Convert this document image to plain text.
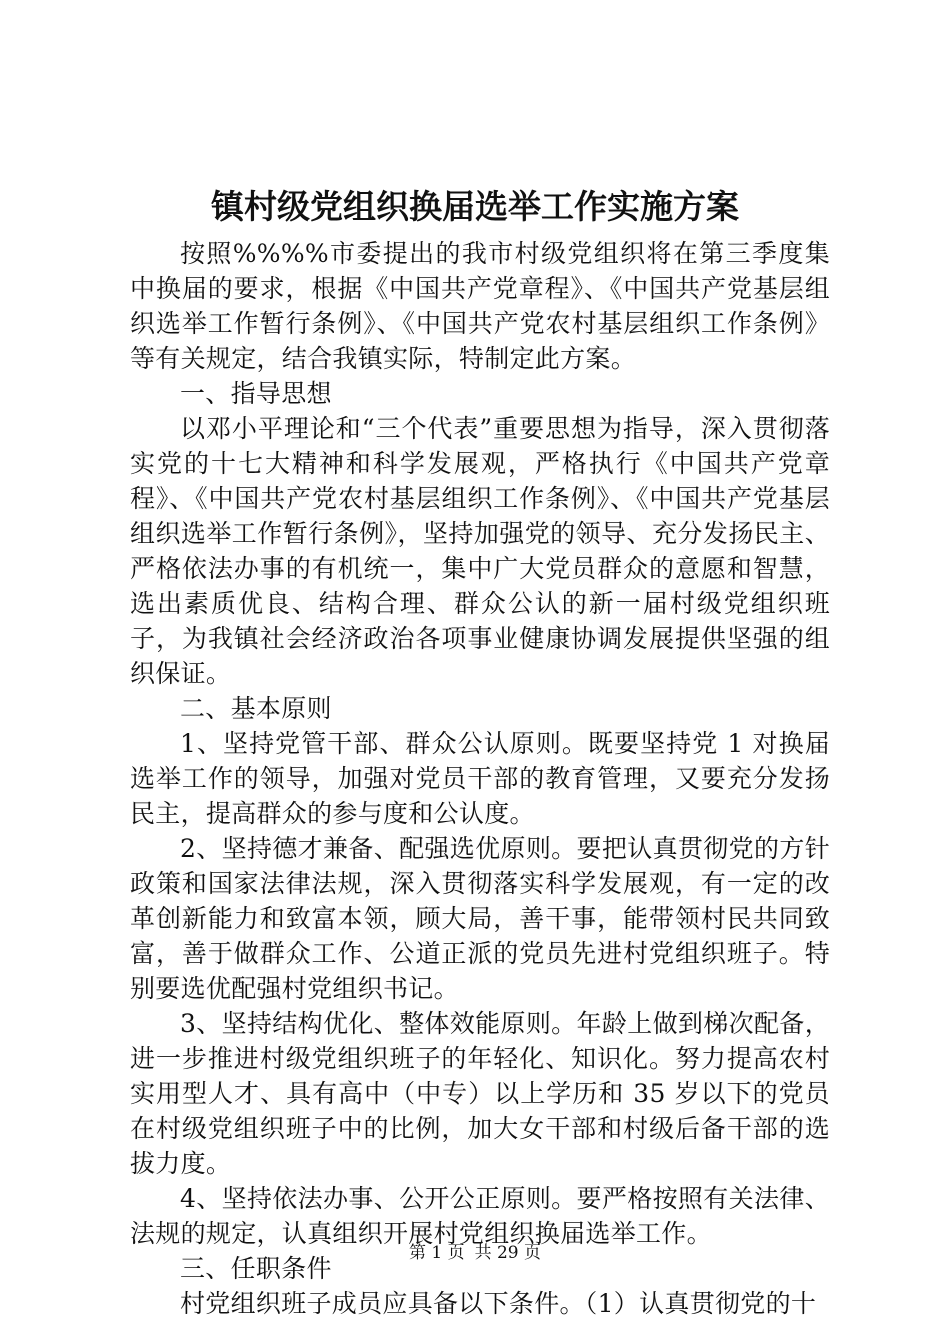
镇村级党组织换届选举工作实施方案

按照%%%%市委提出的我市村级党组织将在第三季度集中换届的要求，根据《中国共产党章程》、《中国共产党基层组织选举工作暂行条例》、《中国共产党农村基层组织工作条例》等有关规定，结合我镇实际，特制定此方案。

一、指导思想

以邓小平理论和“三个代表”重要思想为指导，深入贯彻落实党的十七大精神和科学发展观，严格执行《中国共产党章程》、《中国共产党农村基层组织工作条例》、《中国共产党基层组织选举工作暂行条例》，坚持加强党的领导、充分发扬民主、严格依法办事的有机统一，集中广大党员群众的意愿和智慧，选出素质优良、结构合理、群众公认的新一届村级党组织班子，为我镇社会经济政治各项事业健康协调发展提供坚强的组织保证。

二、基本原则

1、坚持党管干部、群众公认原则。既要坚持党 1 对换届选举工作的领导，加强对党员干部的教育管理，又要充分发扬民主，提高群众的参与度和公认度。

2、坚持德才兼备、配强选优原则。要把认真贯彻党的方针政策和国家法律法规，深入贯彻落实科学发展观，有一定的改革创新能力和致富本领，顾大局，善干事，能带领村民共同致富，善于做群众工作、公道正派的党员先进村党组织班子。特别要选优配强村党组织书记。

3、坚持结构优化、整体效能原则。年龄上做到梯次配备，进一步推进村级党组织班子的年轻化、知识化。努力提高农村实用型人才、具有高中（中专）以上学历和 35 岁以下的党员在村级党组织班子中的比例，加大女干部和村级后备干部的选拔力度。

4、坚持依法办事、公开公正原则。要严格按照有关法律、法规的规定，认真组织开展村党组织换届选举工作。

三、任职条件

村党组织班子成员应具备以下条件。（1）认真贯彻党的十

第 1 页 共 29 页
